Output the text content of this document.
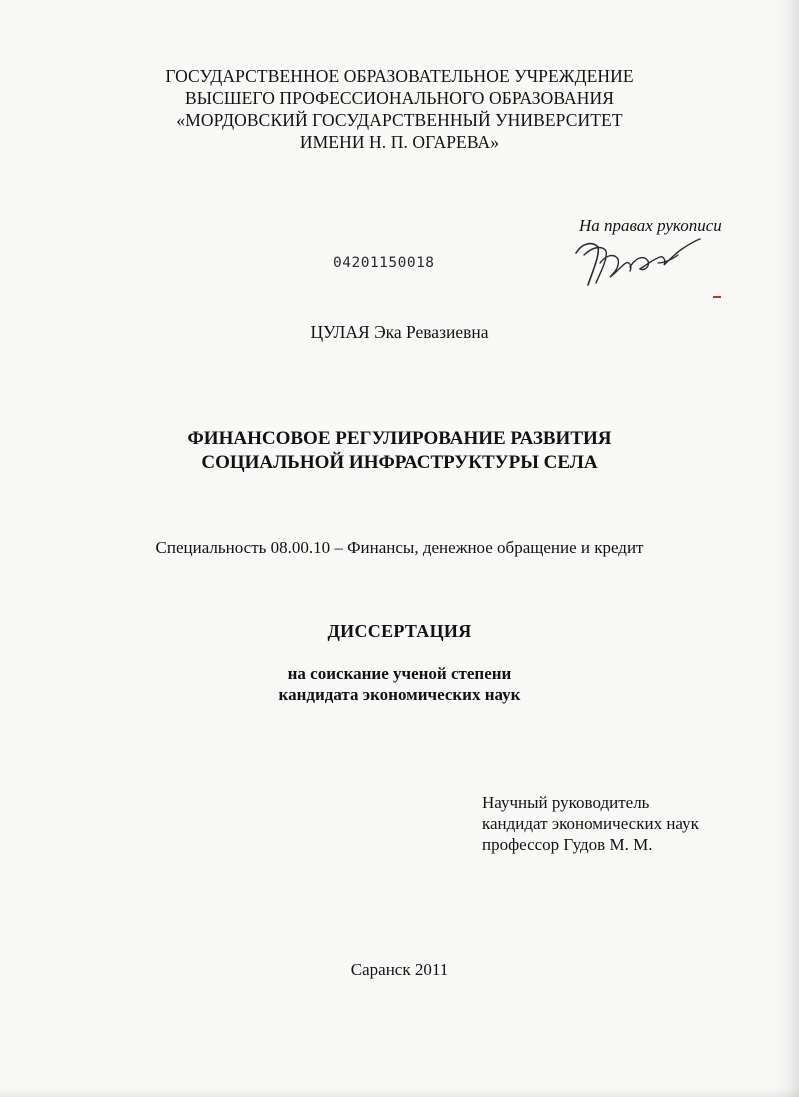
ГОСУДАРСТВЕННОЕ ОБРАЗОВАТЕЛЬНОЕ УЧРЕЖДЕНИЕ
ВЫСШЕГО ПРОФЕССИОНАЛЬНОГО ОБРАЗОВАНИЯ
«МОРДОВСКИЙ ГОСУДАРСТВЕННЫЙ УНИВЕРСИТЕТ
ИМЕНИ Н. П. ОГАРЕВА»
На правах рукописи
04201150018
ЦУЛАЯ Эка Ревазиевна
ФИНАНСОВОЕ РЕГУЛИРОВАНИЕ РАЗВИТИЯ
СОЦИАЛЬНОЙ ИНФРАСТРУКТУРЫ СЕЛА
Специальность 08.00.10 – Финансы, денежное обращение и кредит
ДИССЕРТАЦИЯ
на соискание ученой степени
кандидата экономических наук
Научный руководитель
кандидат экономических наук
профессор Гудов М. М.
Саранск 2011
